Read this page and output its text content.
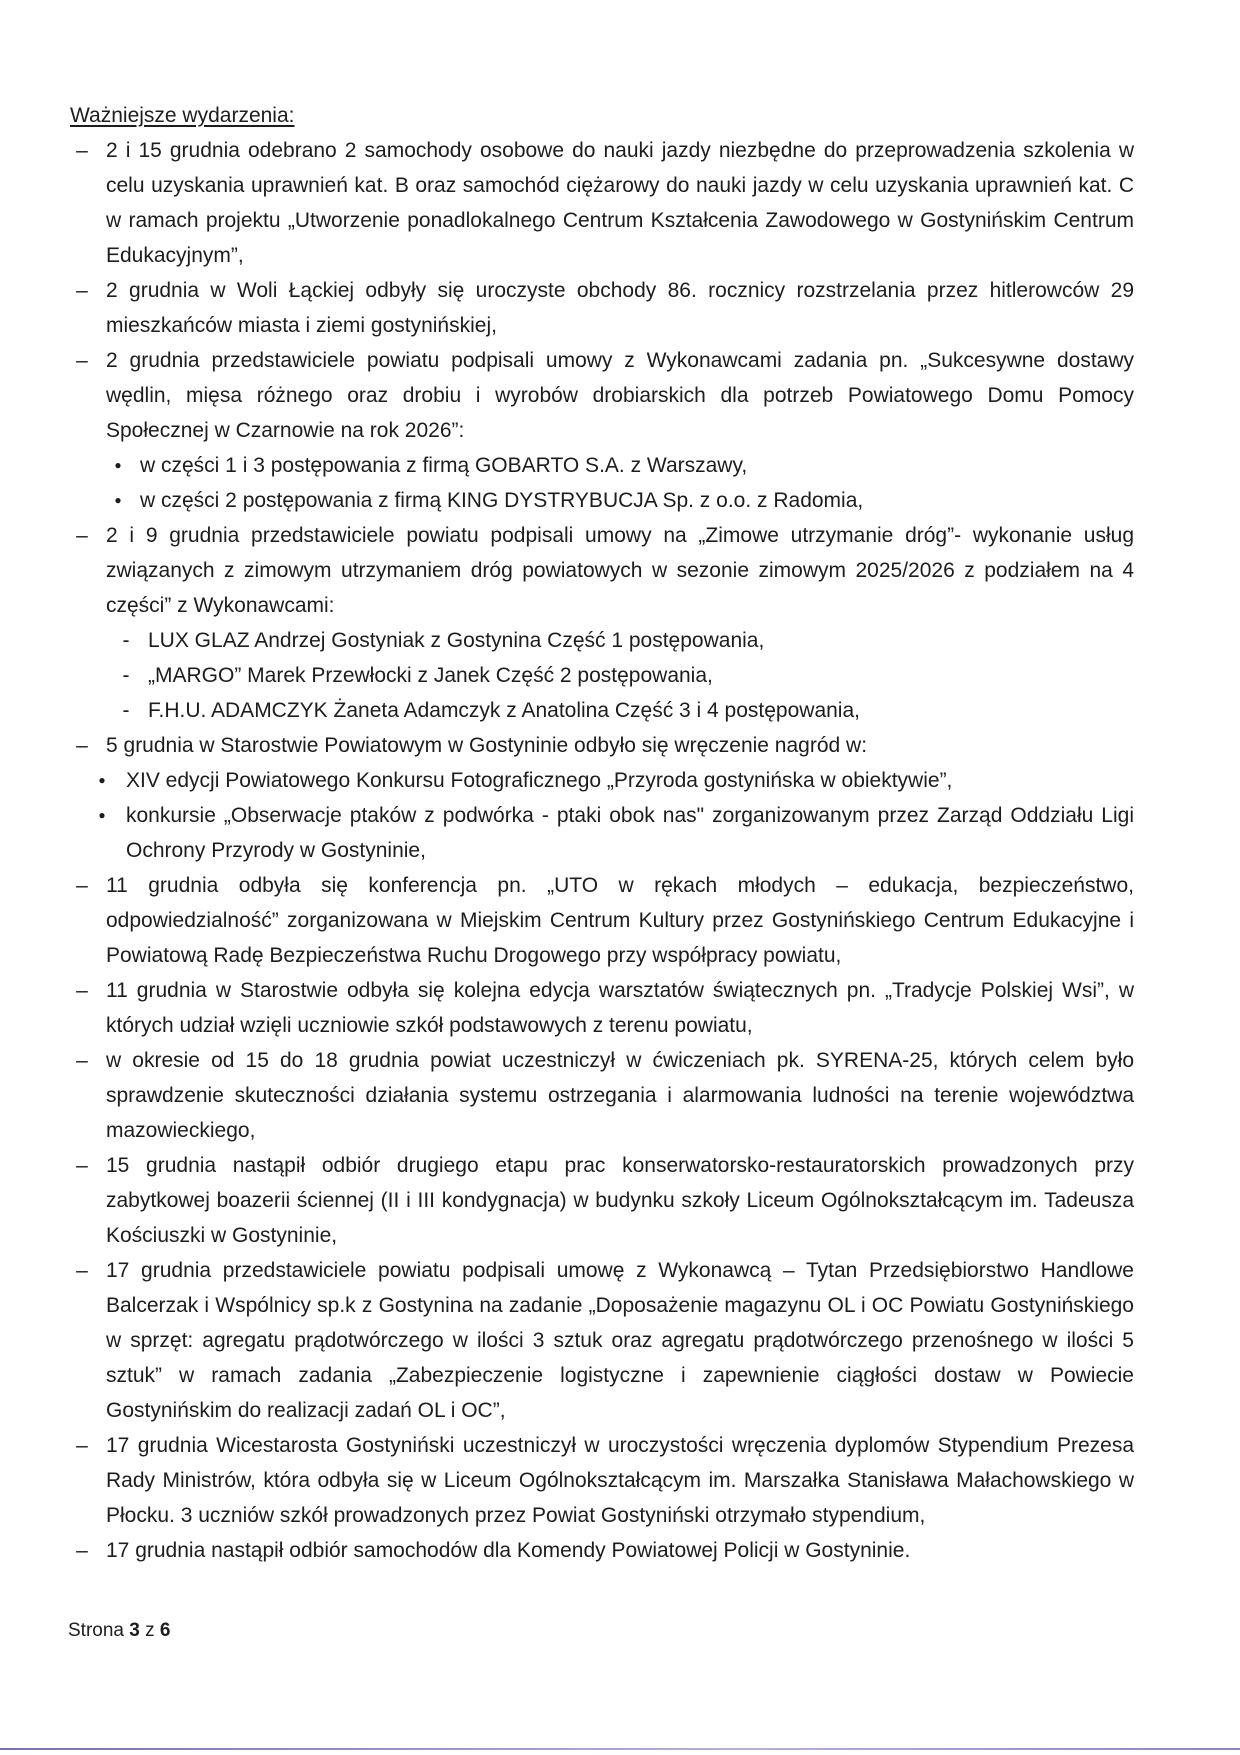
Ważniejsze wydarzenia:
– 2 i 15 grudnia odebrano 2 samochody osobowe do nauki jazdy niezbędne do przeprowadzenia szkolenia w celu uzyskania uprawnień kat. B oraz samochód ciężarowy do nauki jazdy w celu uzyskania uprawnień kat. C w ramach projektu „Utworzenie ponadlokalnego Centrum Kształcenia Zawodowego w Gostynińskim Centrum Edukacyjnym”,
– 2 grudnia w Woli Łąckiej odbyły się uroczyste obchody 86. rocznicy rozstrzelania przez hitlerowców 29 mieszkańców miasta i ziemi gostynińskiej,
– 2 grudnia przedstawiciele powiatu podpisali umowy z Wykonawcami zadania pn. „Sukcesywne dostawy wędlin, mięsa różnego oraz drobiu i wyrobów drobiarskich dla potrzeb Powiatowego Domu Pomocy Społecznej w Czarnowie na rok 2026”:
● w części 1 i 3 postępowania z firmą GOBARTO S.A. z Warszawy,
● w części 2 postępowania z firmą KING DYSTRYBUCJA Sp. z o.o. z Radomia,
– 2 i 9 grudnia przedstawiciele powiatu podpisali umowy na „Zimowe utrzymanie dróg”- wykonanie usług związanych z zimowym utrzymaniem dróg powiatowych w sezonie zimowym 2025/2026 z podziałem na 4 części” z Wykonawcami:
- LUX GLAZ Andrzej Gostyniak z Gostynina Część 1 postępowania,
- „MARGO” Marek Przewłocki z Janek Część 2 postępowania,
- F.H.U. ADAMCZYK Żaneta Adamczyk z Anatolina Część 3 i 4 postępowania,
– 5 grudnia w Starostwie Powiatowym w Gostyninie odbyło się wręczenie nagród w:
● XIV edycji Powiatowego Konkursu Fotograficznego „Przyroda gostynińska w obiektywie”,
● konkursie „Obserwacje ptaków z podwórka - ptaki obok nas" zorganizowanym przez Zarząd Oddziału Ligi Ochrony Przyrody w Gostyninie,
– 11 grudnia odbyła się konferencja pn. „UTO w rękach młodych – edukacja, bezpieczeństwo, odpowiedzialność” zorganizowana w Miejskim Centrum Kultury przez Gostynińskiego Centrum Edukacyjne i Powiatową Radę Bezpieczeństwa Ruchu Drogowego przy współpracy powiatu,
– 11 grudnia w Starostwie odbyła się kolejna edycja warsztatów świątecznych pn. „Tradycje Polskiej Wsi”, w których udział wzięli uczniowie szkół podstawowych z terenu powiatu,
– w okresie od 15 do 18 grudnia powiat uczestniczył w ćwiczeniach pk. SYRENA-25, których celem było sprawdzenie skuteczności działania systemu ostrzegania i alarmowania ludności na terenie województwa mazowieckiego,
– 15 grudnia nastąpił odbiór drugiego etapu prac konserwatorsko-restauratorskich prowadzonych przy zabytkowej boazerii ściennej (II i III kondygnacja) w budynku szkoły Liceum Ogólnokształcącym im. Tadeusza Kościuszki w Gostyninie,
– 17 grudnia przedstawiciele powiatu podpisali umowę z Wykonawcą – Tytan Przedsiębiorstwo Handlowe Balcerzak i Wspólnicy sp.k z Gostynina na zadanie „Doposażenie magazynu OL i OC Powiatu Gostynińskiego w sprzęt: agregatu prądotwórczego w ilości 3 sztuk oraz agregatu prądotwórczego przenośnego w ilości 5 sztuk” w ramach zadania „Zabezpieczenie logistyczne i zapewnienie ciągłości dostaw w Powiecie Gostynińskim do realizacji zadań OL i OC”,
– 17 grudnia Wicestarosta Gostyniński uczestniczył w uroczystości wręczenia dyplomów Stypendium Prezesa Rady Ministrów, która odbyła się w Liceum Ogólnokształcącym im. Marszałka Stanisława Małachowskiego w Płocku. 3 uczniów szkół prowadzonych przez Powiat Gostyniński otrzymało stypendium,
– 17 grudnia nastąpił odbiór samochodów dla Komendy Powiatowej Policji w Gostyninie.
Strona 3 z 6
